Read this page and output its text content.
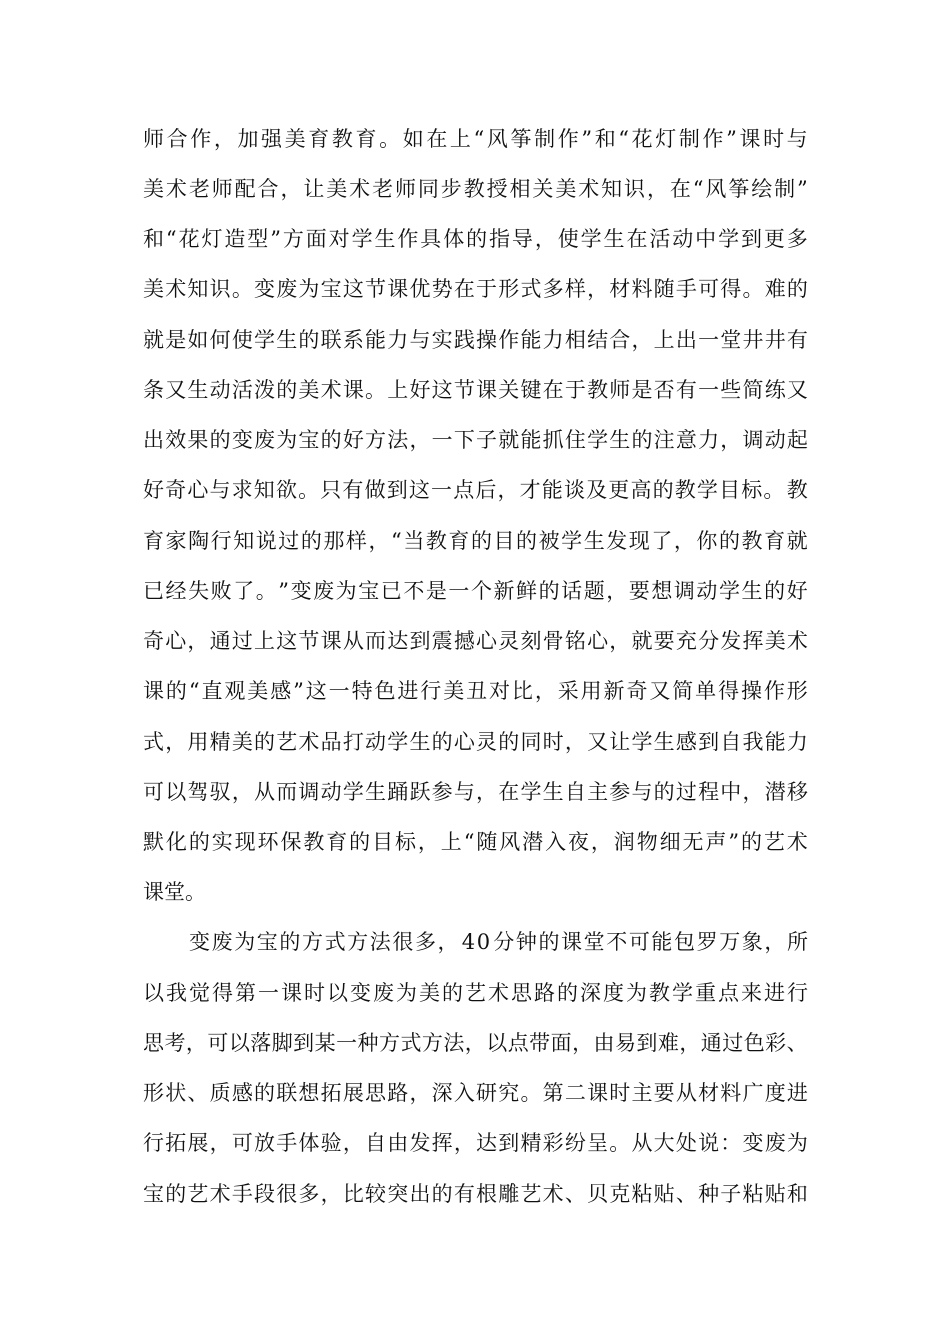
师 合 作 ， 加 强 美 育 教 育 。 如 在 上 “ 风 筝 制 作 ” 和 “ 花 灯 制 作 ” 课 时 与
美 术 老 师 配 合 ， 让 美 术 老 师 同 步 教 授 相 关 美 术 知 识 ， 在 “ 风 筝 绘 制 ”
和 “ 花 灯 造 型 ” 方 面 对 学 生 作 具 体 的 指 导 ， 使 学 生 在 活 动 中 学 到 更 多
美 术 知 识 。 变 废 为 宝 这 节 课 优 势 在 于 形 式 多 样 ， 材 料 随 手 可 得 。 难 的
就 是 如 何 使 学 生 的 联 系 能 力 与 实 践 操 作 能 力 相 结 合 ， 上 出 一 堂 井 井 有
条 又 生 动 活 泼 的 美 术 课 。 上 好 这 节 课 关 键 在 于 教 师 是 否 有 一 些 简 练 又
出 效 果 的 变 废 为 宝 的 好 方 法 ， 一 下 子 就 能 抓 住 学 生 的 注 意 力 ， 调 动 起
好 奇 心 与 求 知 欲 。 只 有 做 到 这 一 点 后 ， 才 能 谈 及 更 高 的 教 学 目 标 。 教
育 家 陶 行 知 说 过 的 那 样 ， “ 当 教 育 的 目 的 被 学 生 发 现 了 ， 你 的 教 育 就
已 经 失 败 了 。 ” 变 废 为 宝 已 不 是 一 个 新 鲜 的 话 题 ， 要 想 调 动 学 生 的 好
奇 心 ， 通 过 上 这 节 课 从 而 达 到 震 撼 心 灵 刻 骨 铭 心 ， 就 要 充 分 发 挥 美 术
课 的 “ 直 观 美 感 ” 这 一 特 色 进 行 美 丑 对 比 ， 采 用 新 奇 又 简 单 得 操 作 形
式 ， 用 精 美 的 艺 术 品 打 动 学 生 的 心 灵 的 同 时 ， 又 让 学 生 感 到 自 我 能 力
可 以 驾 驭 ， 从 而 调 动 学 生 踊 跃 参 与 ， 在 学 生 自 主 参 与 的 过 程 中 ， 潜 移
默 化 的 实 现 环 保 教 育 的 目 标 ， 上 “ 随 风 潜 入 夜 ， 润 物 细 无 声 ” 的 艺 术
课堂。
变 废 为 宝 的 方 式 方 法 很 多 ， 4 0 分 钟 的 课 堂 不 可 能 包 罗 万 象 ， 所
以 我 觉 得 第 一 课 时 以 变 废 为 美 的 艺 术 思 路 的 深 度 为 教 学 重 点 来 进 行
思 考 ， 可 以 落 脚 到 某 一 种 方 式 方 法 ， 以 点 带 面 ， 由 易 到 难 ， 通 过 色 彩 、
形 状 、 质 感 的 联 想 拓 展 思 路 ， 深 入 研 究 。 第 二 课 时 主 要 从 材 料 广 度 进
行 拓 展 ， 可 放 手 体 验 ， 自 由 发 挥 ， 达 到 精 彩 纷 呈 。 从 大 处 说 ： 变 废 为
宝 的 艺 术 手 段 很 多 ， 比 较 突 出 的 有 根 雕 艺 术 、 贝 克 粘 贴 、 种 子 粘 贴 和
